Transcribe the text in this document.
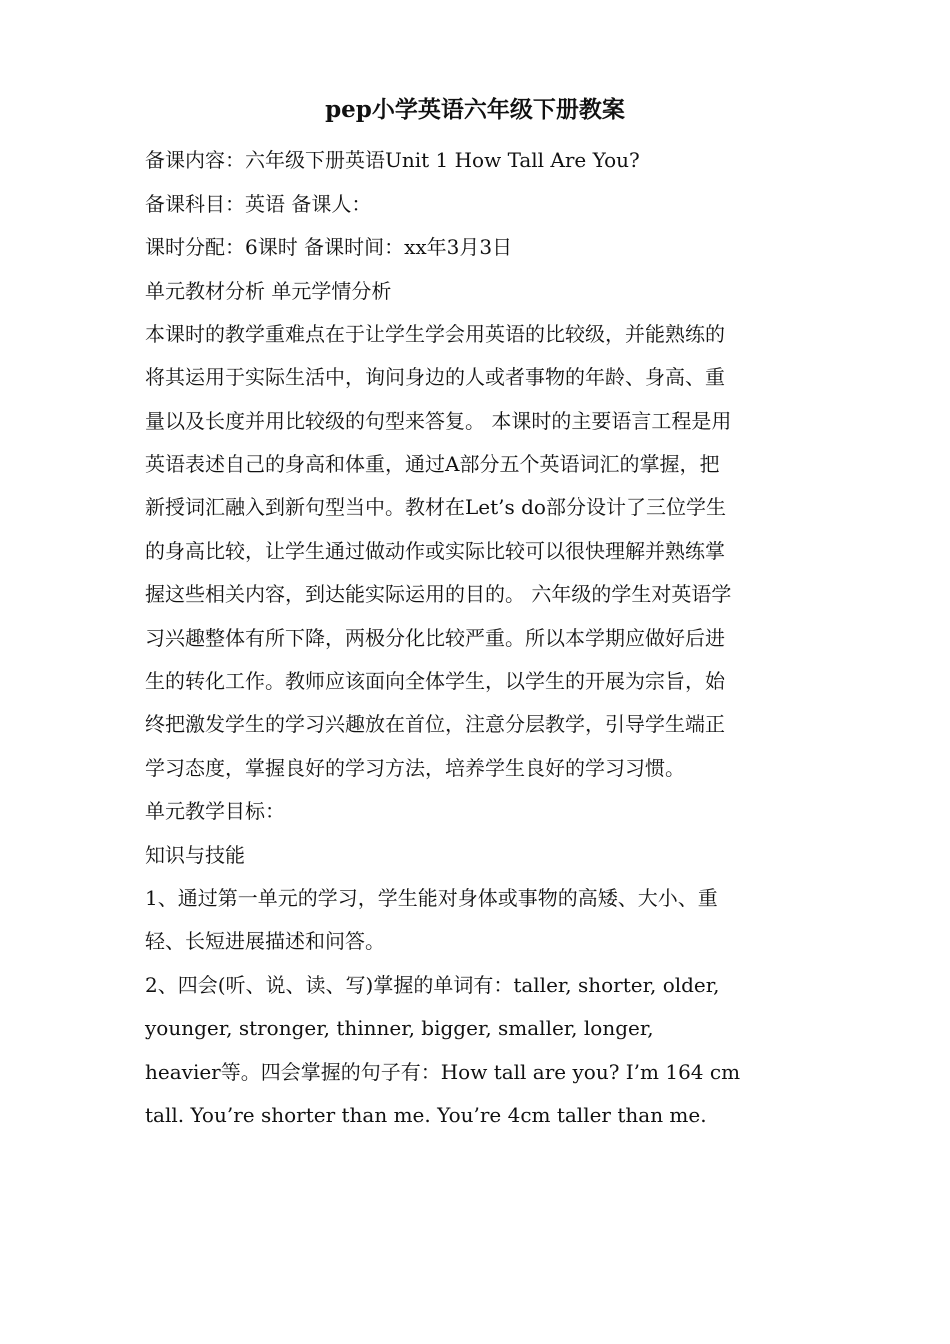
pep小学英语六年级下册教案
备课内容：六年级下册英语Unit 1 How Tall Are You?
备课科目：英语 备课人：
课时分配：6课时 备课时间：xx年3月3日
单元教材分析 单元学情分析
本课时的教学重难点在于让学生学会用英语的比较级，并能熟练的
将其运用于实际生活中，询问身边的人或者事物的年龄、身高、重
量以及长度并用比较级的句型来答复。 本课时的主要语言工程是用
英语表述自己的身高和体重，通过A部分五个英语词汇的掌握，把
新授词汇融入到新句型当中。教材在Let’s do部分设计了三位学生
的身高比较，让学生通过做动作或实际比较可以很快理解并熟练掌
握这些相关内容，到达能实际运用的目的。 六年级的学生对英语学
习兴趣整体有所下降，两极分化比较严重。所以本学期应做好后进
生的转化工作。教师应该面向全体学生，以学生的开展为宗旨，始
终把激发学生的学习兴趣放在首位，注意分层教学，引导学生端正
学习态度，掌握良好的学习方法，培养学生良好的学习习惯。
单元教学目标：
知识与技能
1、通过第一单元的学习，学生能对身体或事物的高矮、大小、重
轻、长短进展描述和问答。
2、四会(听、说、读、写)掌握的单词有：taller, shorter, older,
younger, stronger, thinner, bigger, smaller, longer,
heavier等。四会掌握的句子有：How tall are you? I’m 164 cm
tall. You’re shorter than me. You’re 4cm taller than me.
